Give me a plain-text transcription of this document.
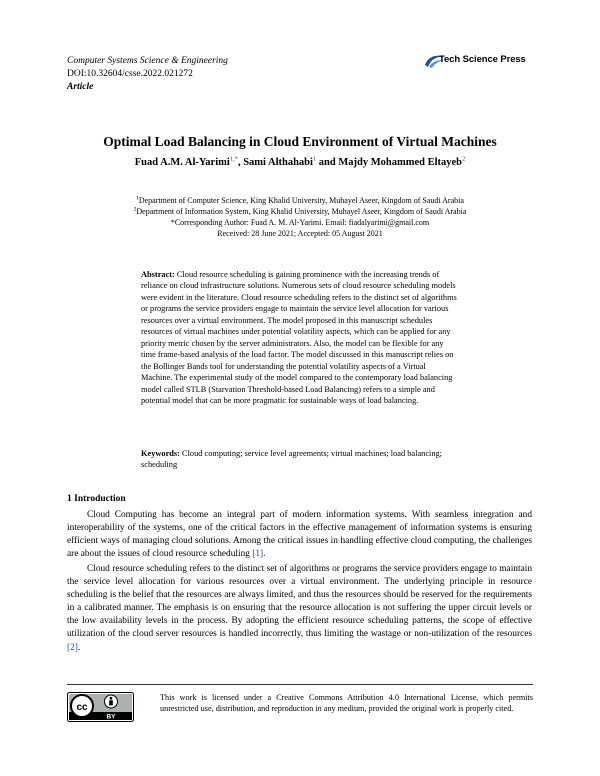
Computer Systems Science & Engineering
DOI:10.32604/csse.2022.021272
Article
Tech Science Press
Optimal Load Balancing in Cloud Environment of Virtual Machines
Fuad A.M. Al-Yarimi$^{1,*}$, Sami Althahabi$^1$ and Majdy Mohammed Eltayeb$^2$
$^1$Department of Computer Science, King Khalid University, Muhayel Aseer, Kingdom of Saudi Arabia
$^2$Department of Information System, King Khalid University, Muhayel Aseer, Kingdom of Saudi Arabia
*Corresponding Author: Fuad A. M. Al-Yarimi. Email: fiadalyarimi@gmail.com
Received: 28 June 2021; Accepted: 05 August 2021
Abstract: Cloud resource scheduling is gaining prominence with the increasing trends of reliance on cloud infrastructure solutions. Numerous sets of cloud resource scheduling models were evident in the literature. Cloud resource scheduling refers to the distinct set of algorithms or programs the service providers engage to maintain the service level allocation for various resources over a virtual environment. The model proposed in this manuscript schedules resources of virtual machines under potential volatility aspects, which can be applied for any priority metric chosen by the server administrators. Also, the model can be flexible for any time frame-based analysis of the load factor. The model discussed in this manuscript relies on the Bollinger Bands tool for understanding the potential volatility aspects of a Virtual Machine. The experimental study of the model compared to the contemporary load balancing model called STLB (Starvation Threshold-based Load Balancing) refers to a simple and potential model that can be more pragmatic for sustainable ways of load balancing.
Keywords: Cloud computing; service level agreements; virtual machines; load balancing; scheduling
1 Introduction
Cloud Computing has become an integral part of modern information systems. With seamless integration and interoperability of the systems, one of the critical factors in the effective management of information systems is ensuring efficient ways of managing cloud solutions. Among the critical issues in handling effective cloud computing, the challenges are about the issues of cloud resource scheduling [1].
Cloud resource scheduling refers to the distinct set of algorithms or programs the service providers engage to maintain the service level allocation for various resources over a virtual environment. The underlying principle in resource scheduling is the belief that the resources are always limited, and thus the resources should be reserved for the requirements in a calibrated manner. The emphasis is on ensuring that the resource allocation is not suffering the upper circuit levels or the low availability levels in the process. By adopting the efficient resource scheduling patterns, the scope of effective utilization of the cloud server resources is handled incorrectly, thus limiting the wastage or non-utilization of the resources [2].
cc
BY
This work is licensed under a Creative Commons Attribution 4.0 International License, which permits unrestricted use, distribution, and reproduction in any medium, provided the original work is properly cited.
